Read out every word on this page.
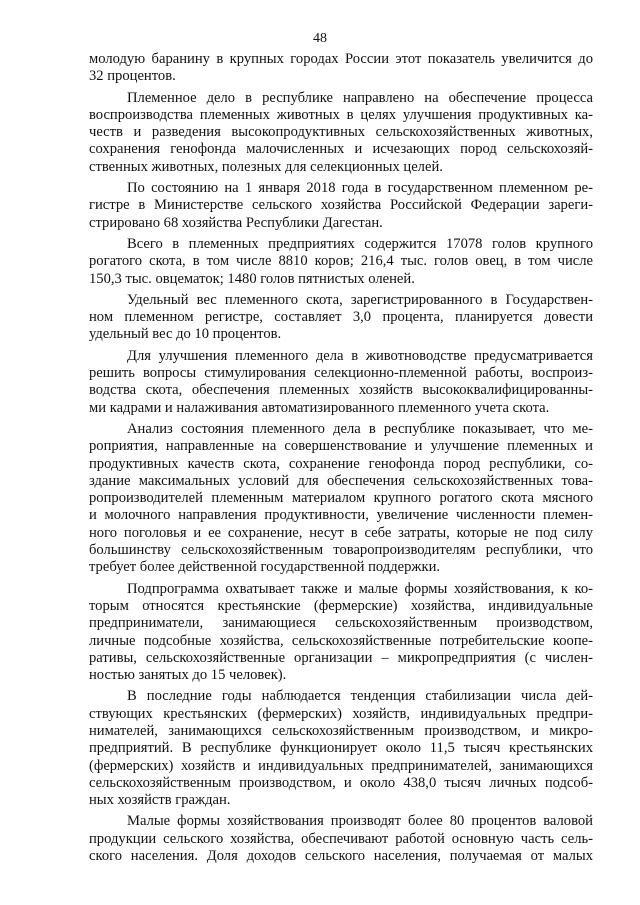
48
молодую баранину в крупных городах России этот показатель увеличится до
32 процентов.
Племенное дело в республике направлено на обеспечение процесса
воспроизводства племенных животных в целях улучшения продуктивных ка-
честв и разведения высокопродуктивных сельскохозяйственных животных,
сохранения генофонда малочисленных и исчезающих пород сельскохозяй-
ственных животных, полезных для селекционных целей.
По состоянию на 1 января 2018 года в государственном племенном ре-
гистре в Министерстве сельского хозяйства Российской Федерации зареги-
стрировано 68 хозяйства Республики Дагестан.
Всего в племенных предприятиях содержится 17078 голов крупного
рогатого скота, в том числе 8810 коров; 216,4 тыс. голов овец, в том числе
150,3 тыс. овцематок; 1480 голов пятнистых оленей.
Удельный вес племенного скота, зарегистрированного в Государствен-
ном племенном регистре, составляет 3,0 процента, планируется довести
удельный вес до 10 процентов.
Для улучшения племенного дела в животноводстве предусматривается
решить вопросы стимулирования селекционно-племенной работы, воспроиз-
водства скота, обеспечения племенных хозяйств высококвалифицированны-
ми кадрами и налаживания автоматизированного племенного учета скота.
Анализ состояния племенного дела в республике показывает, что ме-
роприятия, направленные на совершенствование и улучшение племенных и
продуктивных качеств скота, сохранение генофонда пород республики, со-
здание максимальных условий для обеспечения сельскохозяйственных това-
ропроизводителей племенным материалом крупного рогатого скота мясного
и молочного направления продуктивности, увеличение численности племен-
ного поголовья и ее сохранение, несут в себе затраты, которые не под силу
большинству сельскохозяйственным товаропроизводителям республики, что
требует более действенной государственной поддержки.
Подпрограмма охватывает также и малые формы хозяйствования, к ко-
торым относятся крестьянские (фермерские) хозяйства, индивидуальные
предприниматели, занимающиеся сельскохозяйственным производством,
личные подсобные хозяйства, сельскохозяйственные потребительские коопе-
ративы, сельскохозяйственные организации – микропредприятия (с числен-
ностью занятых до 15 человек).
В последние годы наблюдается тенденция стабилизации числа дей-
ствующих крестьянских (фермерских) хозяйств, индивидуальных предпри-
нимателей, занимающихся сельскохозяйственным производством, и микро-
предприятий. В республике функционирует около 11,5 тысяч крестьянских
(фермерских) хозяйств и индивидуальных предпринимателей, занимающихся
сельскохозяйственным производством, и около 438,0 тысяч личных подсоб-
ных хозяйств граждан.
Малые формы хозяйствования производят более 80 процентов валовой
продукции сельского хозяйства, обеспечивают работой основную часть сель-
ского населения. Доля доходов сельского населения, получаемая от малых
